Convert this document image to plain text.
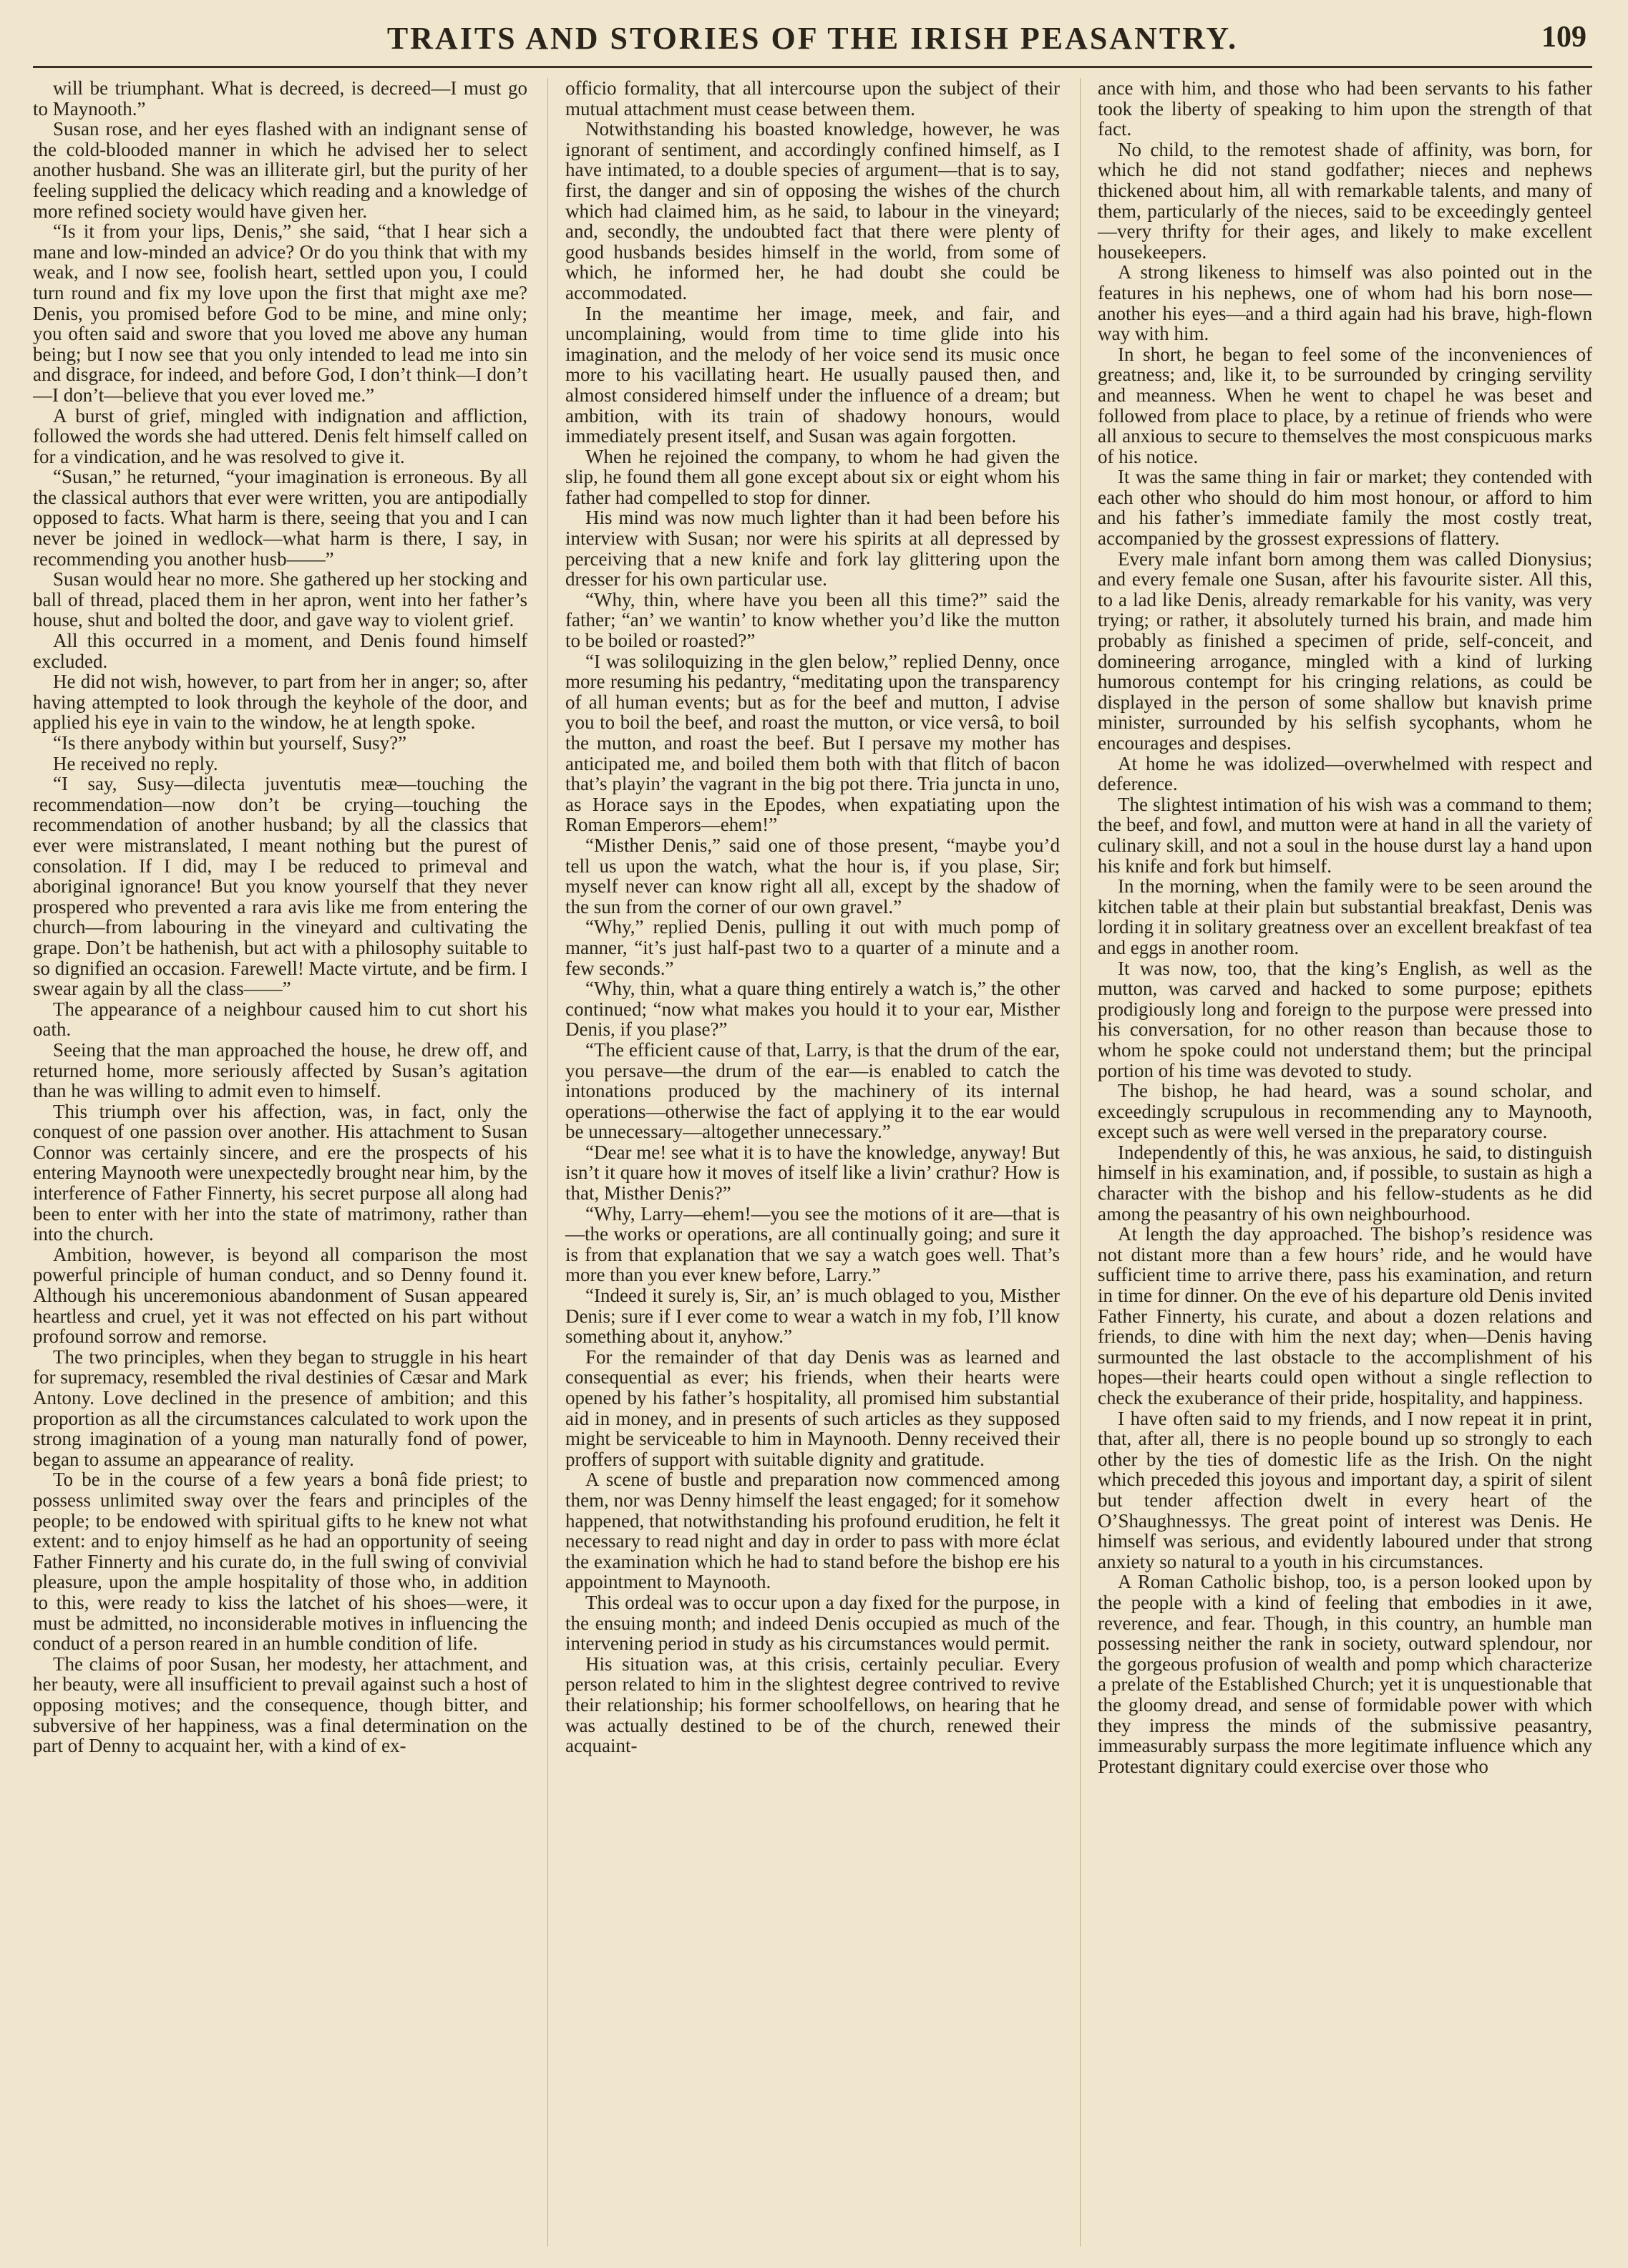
TRAITS AND STORIES OF THE IRISH PEASANTRY.	109

will be triumphant. What is decreed, is decreed—I must go to Maynooth.”

Susan rose, and her eyes flashed with an indignant sense of the cold-blooded manner in which he advised her to select another husband. She was an illiterate girl, but the purity of her feeling supplied the delicacy which reading and a knowledge of more refined society would have given her.

“Is it from your lips, Denis,” she said, “that I hear sich a mane and low-minded an advice? Or do you think that with my weak, and I now see, foolish heart, settled upon you, I could turn round and fix my love upon the first that might axe me? Denis, you promised before God to be mine, and mine only; you often said and swore that you loved me above any human being; but I now see that you only intended to lead me into sin and disgrace, for indeed, and before God, I don’t think—I don’t—I don’t—believe that you ever loved me.”

A burst of grief, mingled with indignation and affliction, followed the words she had uttered. Denis felt himself called on for a vindication, and he was resolved to give it.

“Susan,” he returned, “your imagination is erroneous. By all the classical authors that ever were written, you are antipodially opposed to facts. What harm is there, seeing that you and I can never be joined in wedlock—what harm is there, I say, in recommending you another husb——”

Susan would hear no more. She gathered up her stocking and ball of thread, placed them in her apron, went into her father’s house, shut and bolted the door, and gave way to violent grief.

All this occurred in a moment, and Denis found himself excluded.

He did not wish, however, to part from her in anger; so, after having attempted to look through the keyhole of the door, and applied his eye in vain to the window, he at length spoke.

“Is there anybody within but yourself, Susy?”

He received no reply.

“I say, Susy—dilecta juventutis meæ—touching the recommendation—now don’t be crying—touching the recommendation of another husband; by all the classics that ever were mistranslated, I meant nothing but the purest of consolation. If I did, may I be reduced to primeval and aboriginal ignorance! But you know yourself that they never prospered who prevented a rara avis like me from entering the church—from labouring in the vineyard and cultivating the grape. Don’t be hathenish, but act with a philosophy suitable to so dignified an occasion. Farewell! Macte virtute, and be firm. I swear again by all the class——”

The appearance of a neighbour caused him to cut short his oath.

Seeing that the man approached the house, he drew off, and returned home, more seriously affected by Susan’s agitation than he was willing to admit even to himself.

This triumph over his affection, was, in fact, only the conquest of one passion over another. His attachment to Susan Connor was certainly sincere, and ere the prospects of his entering Maynooth were unexpectedly brought near him, by the interference of Father Finnerty, his secret purpose all along had been to enter with her into the state of matrimony, rather than into the church.

Ambition, however, is beyond all comparison the most powerful principle of human conduct, and so Denny found it. Although his unceremonious abandonment of Susan appeared heartless and cruel, yet it was not effected on his part without profound sorrow and remorse.

The two principles, when they began to struggle in his heart for supremacy, resembled the rival destinies of Cæsar and Mark Antony. Love declined in the presence of ambition; and this proportion as all the circumstances calculated to work upon the strong imagination of a young man naturally fond of power, began to assume an appearance of reality.

To be in the course of a few years a bonâ fide priest; to possess unlimited sway over the fears and principles of the people; to be endowed with spiritual gifts to he knew not what extent: and to enjoy himself as he had an opportunity of seeing Father Finnerty and his curate do, in the full swing of convivial pleasure, upon the ample hospitality of those who, in addition to this, were ready to kiss the latchet of his shoes—were, it must be admitted, no inconsiderable motives in influencing the conduct of a person reared in an humble condition of life.

The claims of poor Susan, her modesty, her attachment, and her beauty, were all insufficient to prevail against such a host of opposing motives; and the consequence, though bitter, and subversive of her happiness, was a final determination on the part of Denny to acquaint her, with a kind of ex-

officio formality, that all intercourse upon the subject of their mutual attachment must cease between them.

Notwithstanding his boasted knowledge, however, he was ignorant of sentiment, and accordingly confined himself, as I have intimated, to a double species of argument—that is to say, first, the danger and sin of opposing the wishes of the church which had claimed him, as he said, to labour in the vineyard; and, secondly, the undoubted fact that there were plenty of good husbands besides himself in the world, from some of which, he informed her, he had doubt she could be accommodated.

In the meantime her image, meek, and fair, and uncomplaining, would from time to time glide into his imagination, and the melody of her voice send its music once more to his vacillating heart. He usually paused then, and almost considered himself under the influence of a dream; but ambition, with its train of shadowy honours, would immediately present itself, and Susan was again forgotten.

When he rejoined the company, to whom he had given the slip, he found them all gone except about six or eight whom his father had compelled to stop for dinner.

His mind was now much lighter than it had been before his interview with Susan; nor were his spirits at all depressed by perceiving that a new knife and fork lay glittering upon the dresser for his own particular use.

“Why, thin, where have you been all this time?” said the father; “an’ we wantin’ to know whether you’d like the mutton to be boiled or roasted?”

“I was soliloquizing in the glen below,” replied Denny, once more resuming his pedantry, “meditating upon the transparency of all human events; but as for the beef and mutton, I advise you to boil the beef, and roast the mutton, or vice versâ, to boil the mutton, and roast the beef. But I persave my mother has anticipated me, and boiled them both with that flitch of bacon that’s playin’ the vagrant in the big pot there. Tria juncta in uno, as Horace says in the Epodes, when expatiating upon the Roman Emperors—ehem!”

“Misther Denis,” said one of those present, “maybe you’d tell us upon the watch, what the hour is, if you plase, Sir; myself never can know right all all, except by the shadow of the sun from the corner of our own gravel.”

“Why,” replied Denis, pulling it out with much pomp of manner, “it’s just half-past two to a quarter of a minute and a few seconds.”

“Why, thin, what a quare thing entirely a watch is,” the other continued; “now what makes you hould it to your ear, Misther Denis, if you plase?”

“The efficient cause of that, Larry, is that the drum of the ear, you persave—the drum of the ear—is enabled to catch the intonations produced by the machinery of its internal operations—otherwise the fact of applying it to the ear would be unnecessary—altogether unnecessary.”

“Dear me! see what it is to have the knowledge, anyway! But isn’t it quare how it moves of itself like a livin’ crathur? How is that, Misther Denis?”

“Why, Larry—ehem!—you see the motions of it are—that is—the works or operations, are all continually going; and sure it is from that explanation that we say a watch goes well. That’s more than you ever knew before, Larry.”

“Indeed it surely is, Sir, an’ is much oblaged to you, Misther Denis; sure if I ever come to wear a watch in my fob, I’ll know something about it, anyhow.”

For the remainder of that day Denis was as learned and consequential as ever; his friends, when their hearts were opened by his father’s hospitality, all promised him substantial aid in money, and in presents of such articles as they supposed might be serviceable to him in Maynooth. Denny received their proffers of support with suitable dignity and gratitude.

A scene of bustle and preparation now commenced among them, nor was Denny himself the least engaged; for it somehow happened, that notwithstanding his profound erudition, he felt it necessary to read night and day in order to pass with more éclat the examination which he had to stand before the bishop ere his appointment to Maynooth.

This ordeal was to occur upon a day fixed for the purpose, in the ensuing month; and indeed Denis occupied as much of the intervening period in study as his circumstances would permit.

His situation was, at this crisis, certainly peculiar. Every person related to him in the slightest degree contrived to revive their relationship; his former schoolfellows, on hearing that he was actually destined to be of the church, renewed their acquaint-

ance with him, and those who had been servants to his father took the liberty of speaking to him upon the strength of that fact.

No child, to the remotest shade of affinity, was born, for which he did not stand godfather; nieces and nephews thickened about him, all with remarkable talents, and many of them, particularly of the nieces, said to be exceedingly genteel—very thrifty for their ages, and likely to make excellent housekeepers.

A strong likeness to himself was also pointed out in the features in his nephews, one of whom had his born nose—another his eyes—and a third again had his brave, high-flown way with him.

In short, he began to feel some of the inconveniences of greatness; and, like it, to be surrounded by cringing servility and meanness. When he went to chapel he was beset and followed from place to place, by a retinue of friends who were all anxious to secure to themselves the most conspicuous marks of his notice.

It was the same thing in fair or market; they contended with each other who should do him most honour, or afford to him and his father’s immediate family the most costly treat, accompanied by the grossest expressions of flattery.

Every male infant born among them was called Dionysius; and every female one Susan, after his favourite sister. All this, to a lad like Denis, already remarkable for his vanity, was very trying; or rather, it absolutely turned his brain, and made him probably as finished a specimen of pride, self-conceit, and domineering arrogance, mingled with a kind of lurking humorous contempt for his cringing relations, as could be displayed in the person of some shallow but knavish prime minister, surrounded by his selfish sycophants, whom he encourages and despises.

At home he was idolized—overwhelmed with respect and deference.

The slightest intimation of his wish was a command to them; the beef, and fowl, and mutton were at hand in all the variety of culinary skill, and not a soul in the house durst lay a hand upon his knife and fork but himself.

In the morning, when the family were to be seen around the kitchen table at their plain but substantial breakfast, Denis was lording it in solitary greatness over an excellent breakfast of tea and eggs in another room.

It was now, too, that the king’s English, as well as the mutton, was carved and hacked to some purpose; epithets prodigiously long and foreign to the purpose were pressed into his conversation, for no other reason than because those to whom he spoke could not understand them; but the principal portion of his time was devoted to study.

The bishop, he had heard, was a sound scholar, and exceedingly scrupulous in recommending any to Maynooth, except such as were well versed in the preparatory course.

Independently of this, he was anxious, he said, to distinguish himself in his examination, and, if possible, to sustain as high a character with the bishop and his fellow-students as he did among the peasantry of his own neighbourhood.

At length the day approached. The bishop’s residence was not distant more than a few hours’ ride, and he would have sufficient time to arrive there, pass his examination, and return in time for dinner. On the eve of his departure old Denis invited Father Finnerty, his curate, and about a dozen relations and friends, to dine with him the next day; when—Denis having surmounted the last obstacle to the accomplishment of his hopes—their hearts could open without a single reflection to check the exuberance of their pride, hospitality, and happiness.

I have often said to my friends, and I now repeat it in print, that, after all, there is no people bound up so strongly to each other by the ties of domestic life as the Irish. On the night which preceded this joyous and important day, a spirit of silent but tender affection dwelt in every heart of the O’Shaughnessys. The great point of interest was Denis. He himself was serious, and evidently laboured under that strong anxiety so natural to a youth in his circumstances.

A Roman Catholic bishop, too, is a person looked upon by the people with a kind of feeling that embodies in it awe, reverence, and fear. Though, in this country, an humble man possessing neither the rank in society, outward splendour, nor the gorgeous profusion of wealth and pomp which characterize a prelate of the Established Church; yet it is unquestionable that the gloomy dread, and sense of formidable power with which they impress the minds of the submissive peasantry, immeasurably surpass the more legitimate influence which any Protestant dignitary could exercise over those who
